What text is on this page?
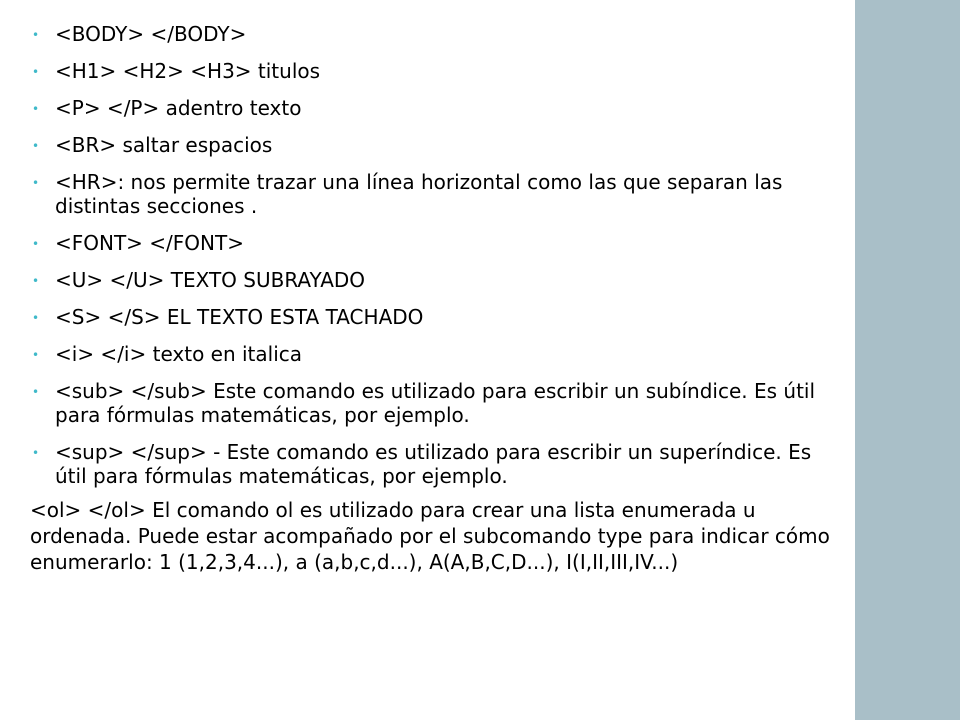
• <BODY> </BODY>
• <H1> <H2> <H3> titulos
• <P> </P> adentro texto
• <BR> saltar espacios
• <HR>: nos permite trazar una línea horizontal como las que separan las distintas secciones .
• <FONT> </FONT>
• <U> </U> TEXTO SUBRAYADO
• <S> </S> EL TEXTO ESTA TACHADO
• <i> </i> texto en italica
• <sub> </sub> Este comando es utilizado para escribir un subíndice. Es útil para fórmulas matemáticas, por ejemplo.
• <sup> </sup> - Este comando es utilizado para escribir un superíndice. Es útil para fórmulas matemáticas, por ejemplo.

<ol> </ol> El comando ol es utilizado para crear una lista enumerada u ordenada. Puede estar acompañado por el subcomando type para indicar cómo enumerarlo: 1 (1,2,3,4...), a (a,b,c,d...), A(A,B,C,D...), I(I,II,III,IV...)
